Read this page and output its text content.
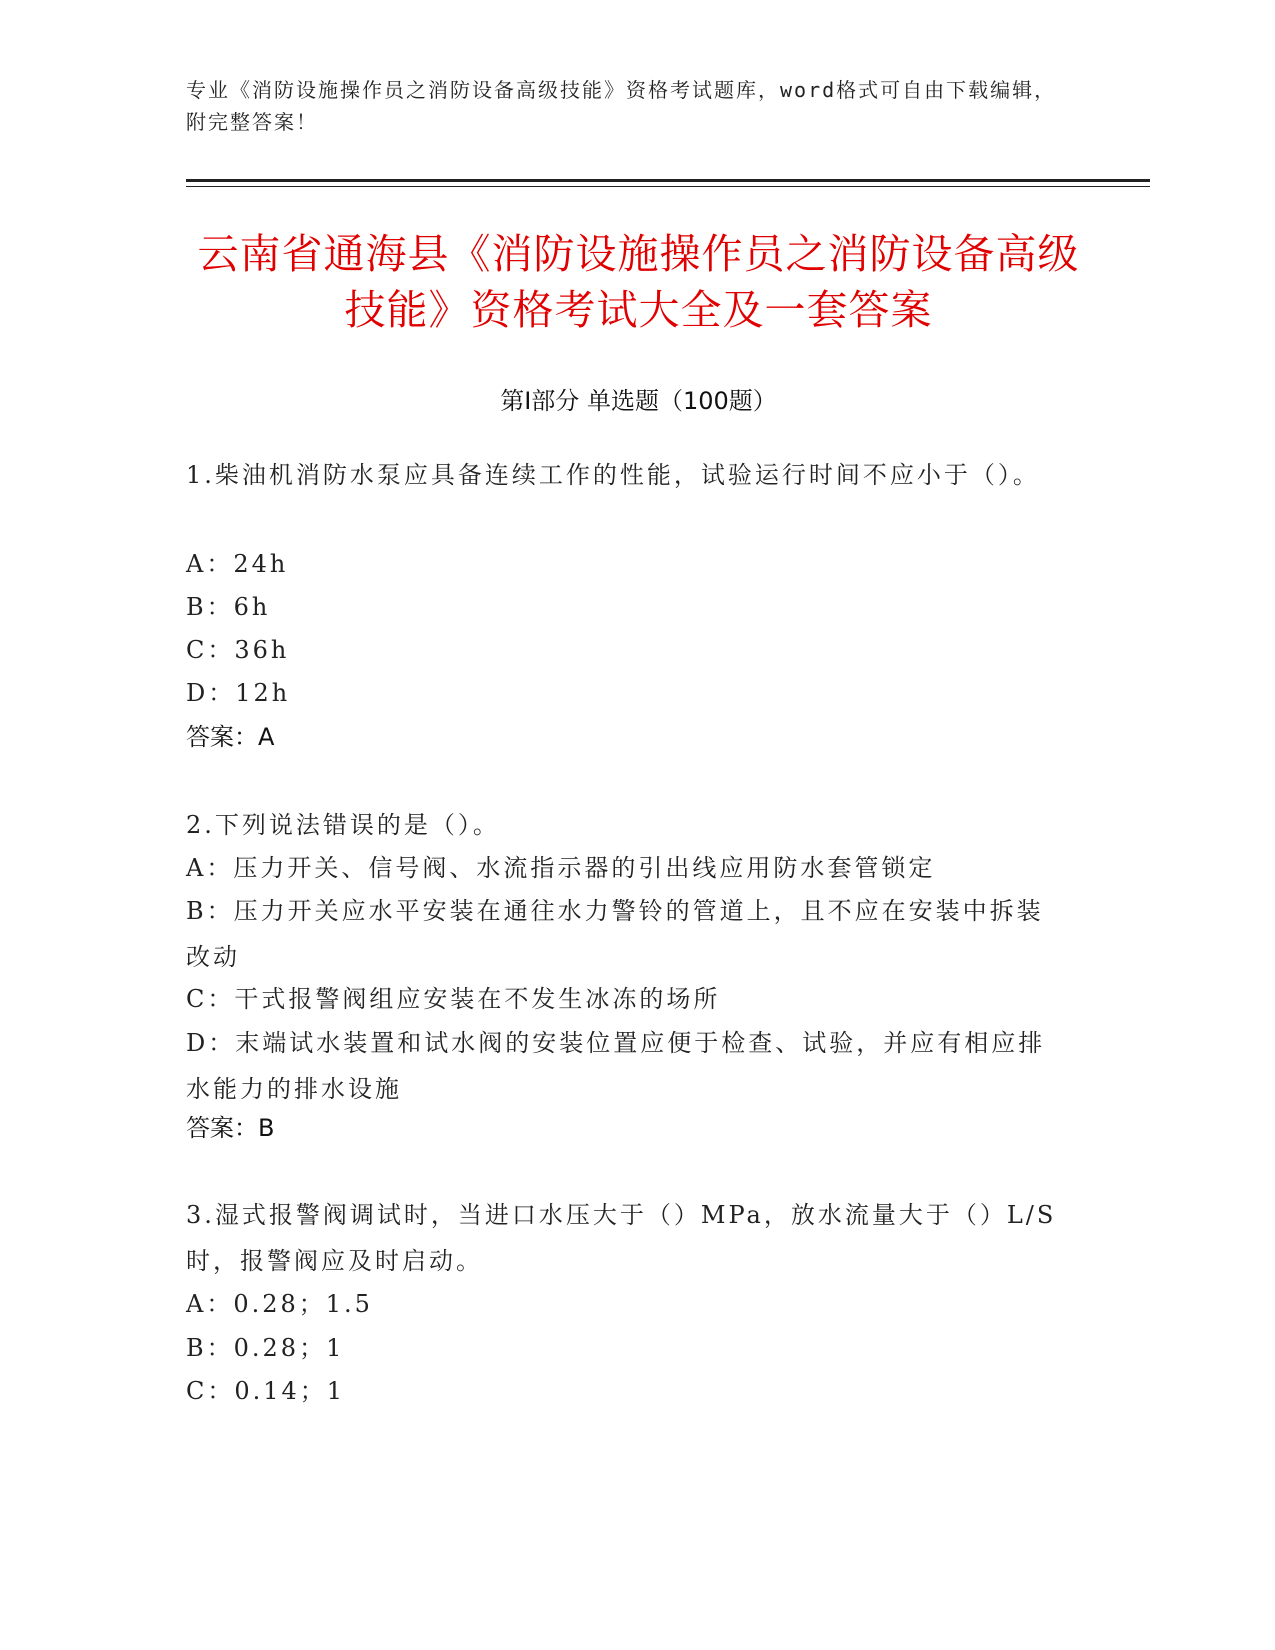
专业《消防设施操作员之消防设备高级技能》资格考试题库，word格式可自由下载编辑，附完整答案！
云南省通海县《消防设施操作员之消防设备高级技能》资格考试大全及一套答案
第I部分 单选题（100题）
1.柴油机消防水泵应具备连续工作的性能，试验运行时间不应小于（）。
A：24h
B：6h
C：36h
D：12h
答案：A
2.下列说法错误的是（）。
A：压力开关、信号阀、水流指示器的引出线应用防水套管锁定
B：压力开关应水平安装在通往水力警铃的管道上，且不应在安装中拆装改动
C：干式报警阀组应安装在不发生冰冻的场所
D：末端试水装置和试水阀的安装位置应便于检查、试验，并应有相应排水能力的排水设施
答案：B
3.湿式报警阀调试时，当进口水压大于（）MPa，放水流量大于（）L/S时，报警阀应及时启动。
A：0.28；1.5
B：0.28；1
C：0.14；1
